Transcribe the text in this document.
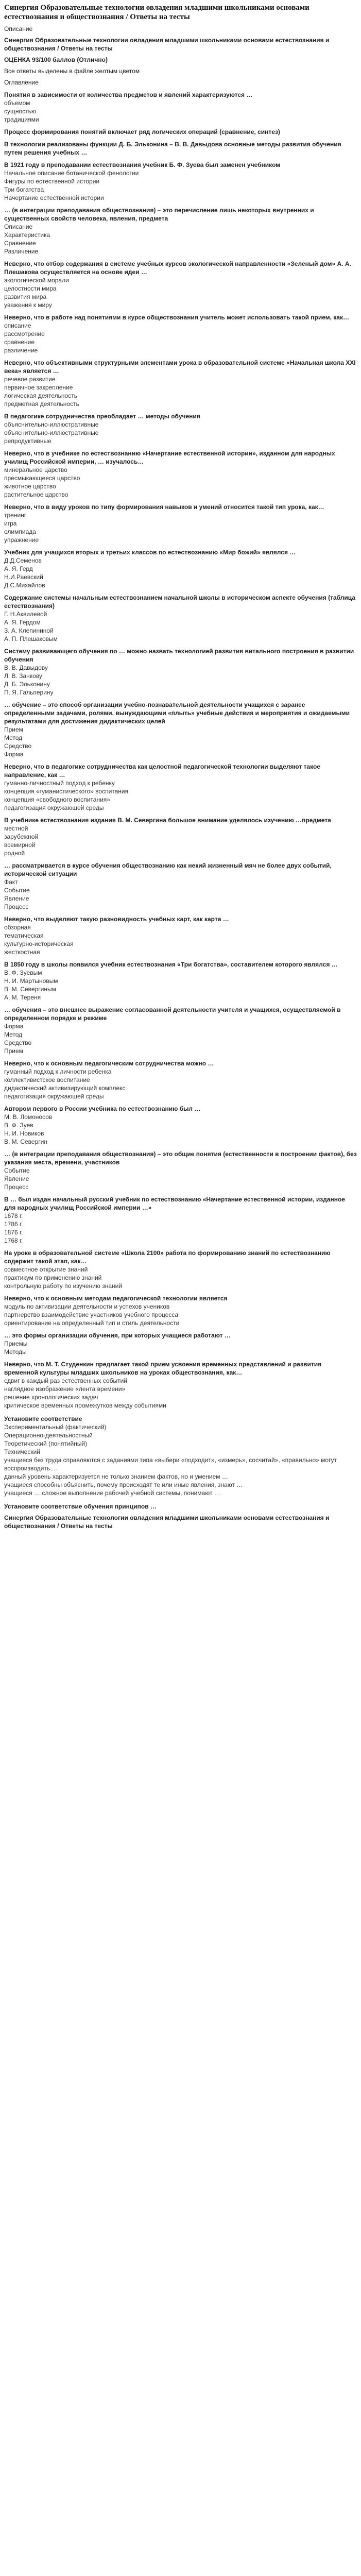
Синергия Образовательные технологии овладения младшими школьниками основами естествознания и обществознания / Ответы на тесты

Описание

Синергия Образовательные технологии овладения младшими школьниками основами естествознания и обществознания / Ответы на тесты

ОЦЕНКА 93/100 баллов (Отлично)

Все ответы выделены в файле желтым цветом

Оглавление

Понятия в зависимости от количества предметов и явлений характеризуются …

объемом

сущностью

традициями

Процесс формирования понятий включает ряд логических операций (сравнение, синтез)

В технологии реализованы функции Д. Б. Эльконина – В. В. Давыдова основные методы развития обучения путем решения учебных …

В 1921 году в преподавании естествознания учебник Б. Ф. Зуева был заменен учебником

Начальное описание ботанической фенологии

Фигуры по естественной истории

Три богатства

Начертание естественной истории

… (в интеграции преподавания обществознания) – это перечисление лишь некоторых внутренних и существенных свойств человека, явления, предмета

Описание

Характеристика

Сравнение

Различение

Неверно, что отбор содержания в системе учебных курсов экологической направленности «Зеленый дом» А. А. Плешакова осуществляется на основе идеи …

экологической морали

целостности мира

развития мира

уважения к миру

Неверно, что в работе над понятиями в курсе обществознания учитель может использовать такой прием, как…

описание

рассмотрение

сравнение

различение

Неверно, что объективными структурными элементами урока в образовательной системе «Начальная школа XXI века» является …

речевое развитие

первичное закрепление

логическая деятельность

предметная деятельность

В педагогике сотрудничества преобладает … методы обучения

объяснительно-иллюстративные

объяснительно-иллюстративные

репродуктивные

Неверно, что в учебнике по естествознанию «Начертание естественной истории», изданном для народных училищ Российской империи, … изучалось…

минеральное царство

пресмыкающееся царство

животное царство

растительное царство

Неверно, что в виду уроков по типу формирования навыков и умений относится такой тип урока, как…

тренинг

игра

олимпиада

упражнение

Учебник для учащихся вторых и третьих классов по естествознанию «Мир божий» являлся …

Д.Д.Семенов

А. Я. Герд

Н.И.Раевский

Д.С.Михайлов

Содержание системы начальным естествознанием начальной школы в историческом аспекте обучения (таблица естествознания)

Г. Н.Аквилевой

А. Я. Гердом

З. А. Клепининой

А. П. Плешаковым

Систему развивающего обучения по … можно назвать технологией развития витального построения в развитии обучения

В. В. Давыдову

Л. В. Занкову

Д. Б. Эльконину

П. Я. Гальперину

… обучение – это способ организации учебно-познавательной деятельности учащихся с заранее определенными задачами, ролями, вынуждающими «плыть» учебные действия и мероприятия и ожидаемыми результатами для достижения дидактических целей

Прием

Метод

Средство

Форма

Неверно, что в педагогике сотрудничества как целостной педагогической технологии выделяют такое направление, как …

гуманно-личностный подход к ребенку

концепция «гуманистического» воспитания

концепция «свободного воспитания»

педагогизация окружающей среды

В учебнике естествознания издания В. М. Севергина большое внимание уделялось изучению …предмета

местной

зарубежной

всемирной

родной

… рассматривается в курсе обучения обществознанию как некий жизненный мяч не более двух событий, исторической ситуации

Факт

Событие

Явление

Процесс

Неверно, что выделяют такую разновидность учебных карт, как карта …

обзорная

тематическая

культурно-историческая

жесткостная

В 1850 году в школы появился учебник естествознания «Три богатства», составителем которого являлся …

В. Ф. Зуевым

Н. И. Мартыновым

В. М. Севергиным

А. М. Тереня

… обучения – это внешнее выражение согласованной деятельности учителя и учащихся, осуществляемой в определенном порядке и режиме

Форма

Метод

Средство

Прием

Неверно, что к основным педагогическим сотрудничества можно …

гуманный подход к личности ребенка

коллективистское воспитание

дидактический активизирующий комплекс

педагогизация окружающей среды

Автором первого в России учебника по естествознанию был …

М. В. Ломоносов

В. Ф. Зуев

Н. И. Новиков

В. М. Севергин

… (в интеграции преподавания обществознания) – это общие понятия (естественности в построении фактов), без указания места, времени, участников

Событие

Явление

Процесс

В … был издан начальный русский учебник по естествознанию «Начертание естественной истории, изданное для народных училищ Российской империи …»

1678 г.

1786 г.

1876 г.

1768 г.

На уроке в образовательной системе «Школа 2100» работа по формированию знаний по естествознанию содержит такой этап, как…

совместное открытие знаний

практикум по применению знаний

контрольную работу по изучению знаний

Неверно, что к основным методам педагогической технологии является

модуль по активизации деятельности и успехов учеников

партнерство взаимодействие участников учебного процесса

ориентирование на определенный тип и стиль деятельности

… это формы организации обучения, при которых учащиеся работают …

Приемы

Методы

Неверно, что М. Т. Студенкин предлагает такой прием усвоения временных представлений и развития временной культуры младших школьников на уроках обществознания, как…

сдвиг в каждый раз естественных событий

наглядное изображение «лента времени»

решение хронологических задач

критическое временных промежутков между событиями

Установите соответствие

Экспериментальный (фактический)

Операционно-деятельностный

Теоретический (понятийный)

Технический

учащиеся без труда справляются с заданиями типа «выбери «подходит», «измерь», сосчитай», «правильно» могут воспроизводить …

данный уровень характеризуется не только знанием фактов, но и умением …

учащиеся способны объяснить, почему происходят те или иные явления, знают …

учащиеся … сложное выполнение рабочей учебной системы, понимают …

Установите соответствие обучения принципов …

Синергия Образовательные технологии овладения младшими школьниками основами естествознания и обществознания / Ответы на тесты
